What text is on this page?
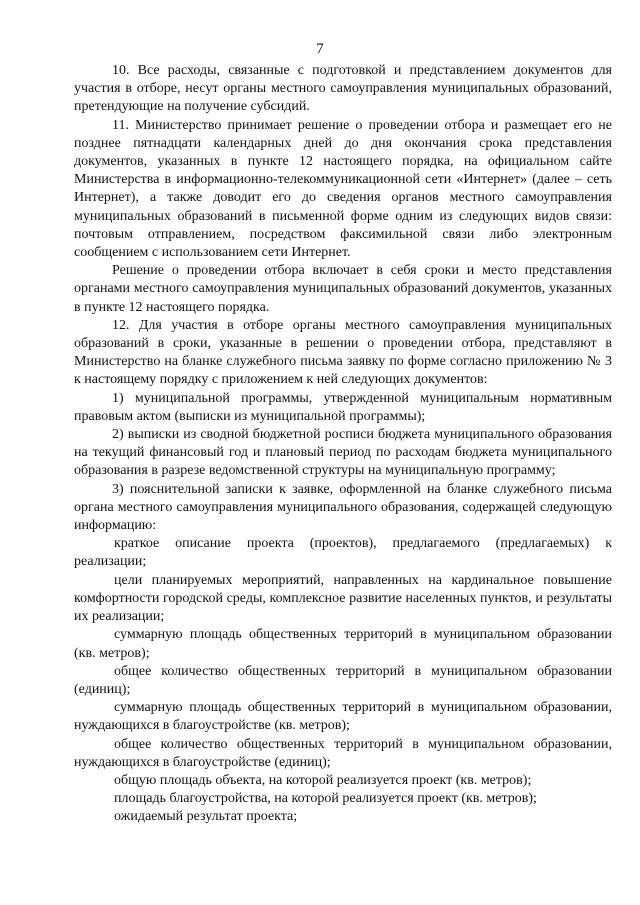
7

10. Все расходы, связанные с подготовкой и представлением документов для участия в отборе, несут органы местного самоуправления муниципальных образований, претендующие на получение субсидий.

11. Министерство принимает решение о проведении отбора и размещает его не позднее пятнадцати календарных дней до дня окончания срока представления документов, указанных в пункте 12 настоящего порядка, на официальном сайте Министерства в информационно-телекоммуникационной сети «Интернет» (далее – сеть Интернет), а также доводит его до сведения органов местного самоуправления муниципальных образований в письменной форме одним из следующих видов связи: почтовым отправлением, посредством факсимильной связи либо электронным сообщением с использованием сети Интернет.

Решение о проведении отбора включает в себя сроки и место представления органами местного самоуправления муниципальных образований документов, указанных в пункте 12 настоящего порядка.

12. Для участия в отборе органы местного самоуправления муниципальных образований в сроки, указанные в решении о проведении отбора, представляют в Министерство на бланке служебного письма заявку по форме согласно приложению № 3 к настоящему порядку с приложением к ней следующих документов:

1) муниципальной программы, утвержденной муниципальным нормативным правовым актом (выписки из муниципальной программы);

2) выписки из сводной бюджетной росписи бюджета муниципального образования на текущий финансовый год и плановый период по расходам бюджета муниципального образования в разрезе ведомственной структуры на муниципальную программу;

3) пояснительной записки к заявке, оформленной на бланке служебного письма органа местного самоуправления муниципального образования, содержащей следующую информацию:

краткое описание проекта (проектов), предлагаемого (предлагаемых) к реализации;

цели планируемых мероприятий, направленных на кардинальное повышение комфортности городской среды, комплексное развитие населенных пунктов, и результаты их реализации;

суммарную площадь общественных территорий в муниципальном образовании (кв. метров);

общее количество общественных территорий в муниципальном образовании (единиц);

суммарную площадь общественных территорий в муниципальном образовании, нуждающихся в благоустройстве (кв. метров);

общее количество общественных территорий в муниципальном образовании, нуждающихся в благоустройстве (единиц);

общую площадь объекта, на которой реализуется проект (кв. метров);

площадь благоустройства, на которой реализуется проект (кв. метров);

ожидаемый результат проекта;
